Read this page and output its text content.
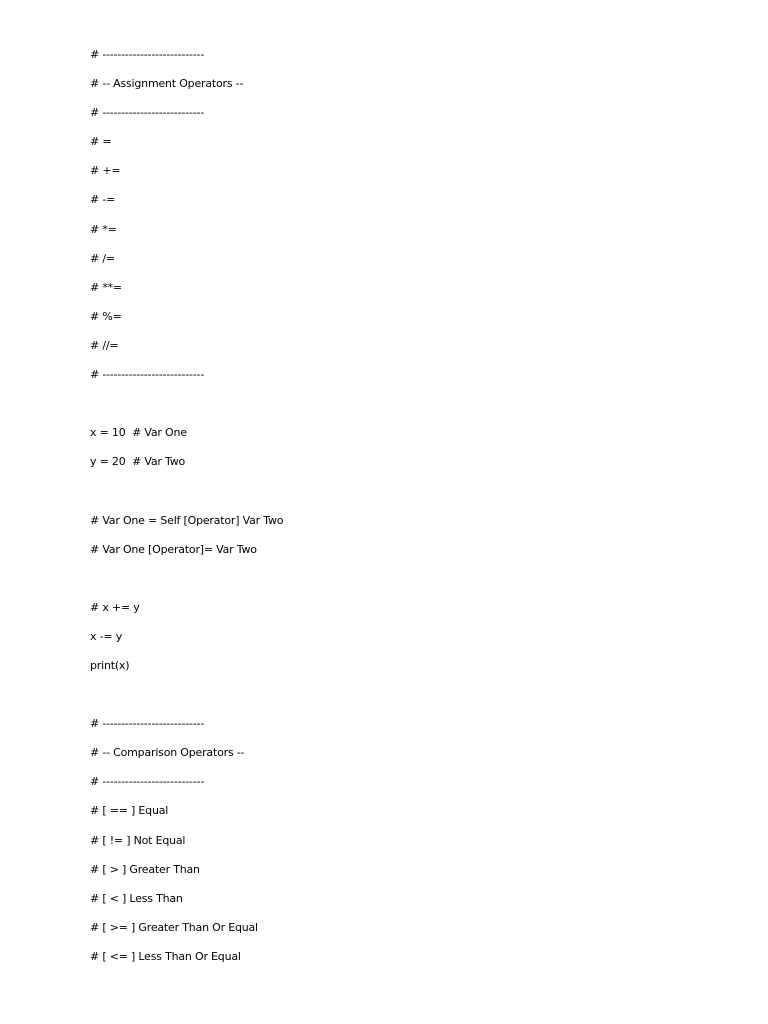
# ---------------------------
# -- Assignment Operators --
# ---------------------------
# =
# +=
# -=
# *=
# /=
# **=
# %=
# //=
# ---------------------------
x = 10  # Var One
y = 20  # Var Two
# Var One = Self [Operator] Var Two
# Var One [Operator]= Var Two
# x += y
x -= y
print(x)
# ---------------------------
# -- Comparison Operators --
# ---------------------------
# [ == ] Equal
# [ != ] Not Equal
# [ > ] Greater Than
# [ < ] Less Than
# [ >= ] Greater Than Or Equal
# [ <= ] Less Than Or Equal
